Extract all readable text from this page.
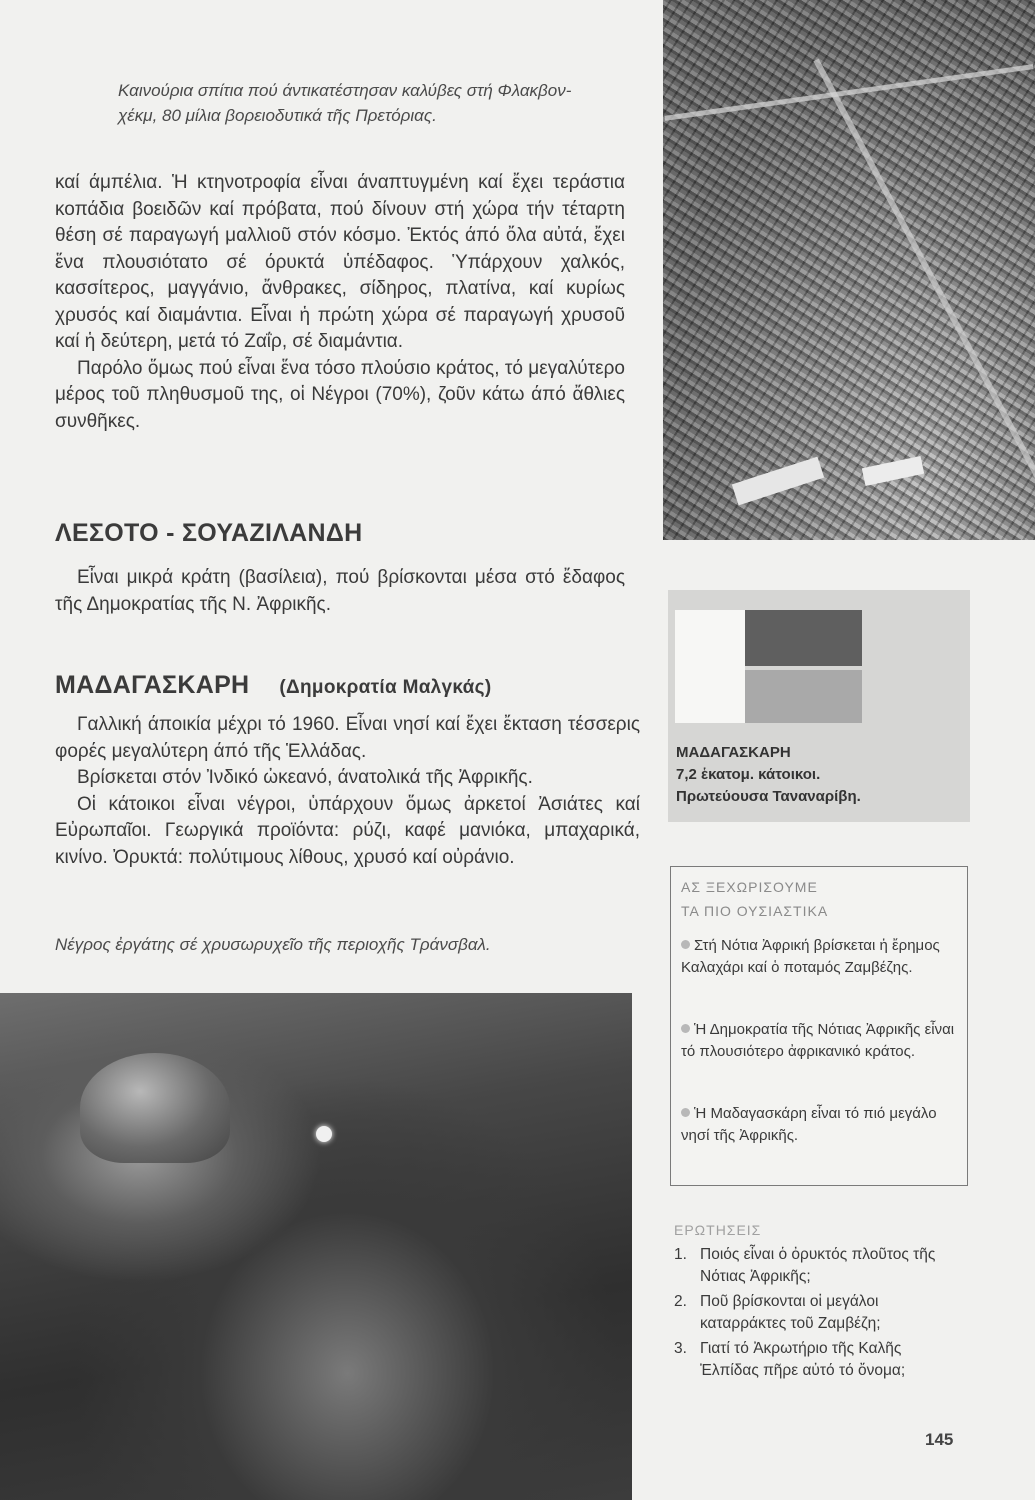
Καινούρια σπίτια πού άντικατέστησαν καλύβες στή Φλακβον-
χέκμ, 80 μίλια βορειοδυτικά τῆς Πρετόριας.

καί άμπέλια. Ἡ κτηνοτροφία εἶναι άναπτυγμένη καί ἔχει τεράστια κοπάδια βοειδῶν καί πρόβατα, πού δίνουν στή χώρα τήν τέταρτη θέση σέ παραγωγή μαλλιοῦ στόν κόσμο. Ἐκτός άπό ὄλα αὐτά, ἔχει ἕνα πλουσιότατο σέ όρυκτά ὑπέδαφος. Ὑπάρχουν χαλκός, κασσίτερος, μαγγάνιο, ἄνθρακες, σίδηρος, πλατίνα, καί κυρίως χρυσός καί διαμάντια. Εἶναι ἡ πρώτη χώρα σέ παραγωγή χρυσοῦ καί ἡ δεύτερη, μετά τό Ζαΐρ, σέ διαμάντια.

Παρόλο ὅμως πού εἶναι ἕνα τόσο πλούσιο κράτος, τό μεγαλύτερο μέρος τοῦ πληθυσμοῦ της, οἱ Νέγροι (70%), ζοῦν κάτω άπό ἄθλιες συνθῆκες.

ΛΕΣΟΤΟ - ΣΟΥΑΖΙΛΑΝΔΗ

Εἶναι μικρά κράτη (βασίλεια), πού βρίσκονται μέσα στό ἔδαφος τῆς Δημοκρατίας τῆς Ν. Ἀφρικῆς.

ΜΑΔΑΓΑΣΚΑΡΗ (Δημοκρατία Μαλγκάς)

Γαλλική άποικία μέχρι τό 1960. Εἶναι νησί καί ἔχει ἔκταση τέσσερις φορές μεγαλύτερη άπό τῆς Ἑλλάδας.

Βρίσκεται στόν Ἰνδικό ὠκεανό, άνατολικά τῆς Ἀφρικῆς.

Οἱ κάτοικοι εἶναι νέγροι, ὑπάρχουν ὅμως ἀρκετοί Ἀσιάτες καί Εὐρωπαῖοι. Γεωργικά προϊόντα: ρύζι, καφέ μανιόκα, μπαχαρικά, κινίνο. Ὀρυκτά: πολύτιμους λίθους, χρυσό καί οὐράνιο.

Νέγρος ἐργάτης σέ χρυσωρυχεῖο τῆς περιοχῆς Τράνσβαλ.
ΜΑΔΑΓΑΣΚΑΡΗ
7,2 ἑκατομ. κάτοικοι.
Πρωτεύουσα Ταναναρίβη.
ΑΣ ΞΕΧΩΡΙΣΟΥΜΕ
ΤΑ ΠΙΟ ΟΥΣΙΑΣΤΙΚΑ
Στή Νότια Ἀφρική βρίσκεται ἡ ἔρημος Καλαχάρι καί ὁ ποταμός Ζαμβέζης.
Ἡ Δημοκρατία τῆς Νότιας Ἀφρικῆς εἶναι τό πλουσιότερο ἀφρικανικό κράτος.
Ἡ Μαδαγασκάρη εἶναι τό πιό μεγάλο νησί τῆς Ἀφρικῆς.
ΕΡΩΤΗΣΕΙΣ
1. Ποιός εἶναι ὁ ὀρυκτός πλοῦτος τῆς Νότιας Ἀφρικῆς;
2. Ποῦ βρίσκονται οἱ μεγάλοι καταρράκτες τοῦ Ζαμβέζη;
3. Γιατί τό Ἀκρωτήριο τῆς Καλῆς Ἐλπίδας πῆρε αὐτό τό ὄνομα;
145
